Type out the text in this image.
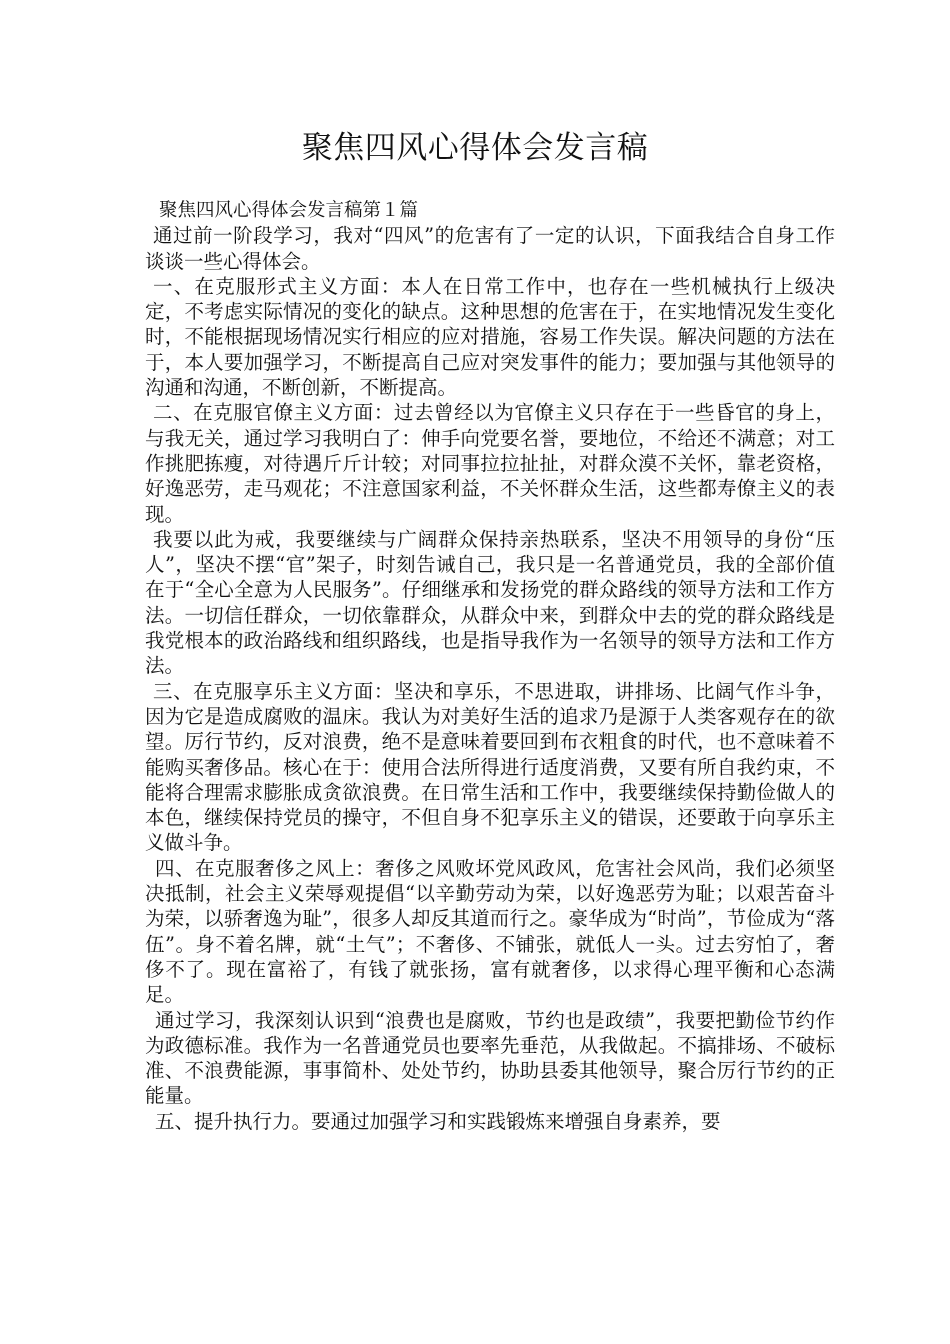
聚焦四风心得体会发言稿

聚焦四风心得体会发言稿第１篇

通过前一阶段学习，我对“四风”的危害有了一定的认识，下面我结合自身工作谈谈一些心得体会。

一、在克服形式主义方面：本人在日常工作中，也存在一些机械执行上级决定，不考虑实际情况的变化的缺点。这种思想的危害在于，在实地情况发生变化时，不能根据现场情况实行相应的应对措施，容易工作失误。解决问题的方法在于，本人要加强学习，不断提高自己应对突发事件的能力；要加强与其他领导的沟通和沟通，不断创新，不断提高。

二、在克服官僚主义方面：过去曾经以为官僚主义只存在于一些昏官的身上，与我无关，通过学习我明白了：伸手向党要名誉，要地位，不给还不满意；对工作挑肥拣瘦，对待遇斤斤计较；对同事拉拉扯扯，对群众漠不关怀，靠老资格，好逸恶劳，走马观花；不注意国家利益，不关怀群众生活，这些都寿僚主义的表现。

我要以此为戒，我要继续与广阔群众保持亲热联系，坚决不用领导的身份“压人”，坚决不摆“官”架子，时刻告诫自己，我只是一名普通党员，我的全部价值在于“全心全意为人民服务”。仔细继承和发扬党的群众路线的领导方法和工作方法。一切信任群众，一切依靠群众，从群众中来，到群众中去的党的群众路线是我党根本的政治路线和组织路线，也是指导我作为一名领导的领导方法和工作方法。

三、在克服享乐主义方面：坚决和享乐，不思进取，讲排场、比阔气作斗争，因为它是造成腐败的温床。我认为对美好生活的追求乃是源于人类客观存在的欲望。厉行节约，反对浪费，绝不是意味着要回到布衣粗食的时代，也不意味着不能购买奢侈品。核心在于：使用合法所得进行适度消费，又要有所自我约束，不能将合理需求膨胀成贪欲浪费。在日常生活和工作中，我要继续保持勤俭做人的本色，继续保持党员的操守，不但自身不犯享乐主义的错误，还要敢于向享乐主义做斗争。

四、在克服奢侈之风上：奢侈之风败坏党风政风，危害社会风尚，我们必须坚决抵制，社会主义荣辱观提倡“以辛勤劳动为荣，以好逸恶劳为耻；以艰苦奋斗为荣，以骄奢逸为耻”，很多人却反其道而行之。豪华成为“时尚”，节俭成为“落伍”。身不着名牌，就“土气”；不奢侈、不铺张，就低人一头。过去穷怕了，奢侈不了。现在富裕了，有钱了就张扬，富有就奢侈，以求得心理平衡和心态满足。

通过学习，我深刻认识到“浪费也是腐败，节约也是政绩”，我要把勤俭节约作为政德标准。我作为一名普通党员也要率先垂范，从我做起。不搞排场、不破标准、不浪费能源，事事简朴、处处节约，协助县委其他领导，聚合厉行节约的正能量。

五、提升执行力。要通过加强学习和实践锻炼来增强自身素养，要
